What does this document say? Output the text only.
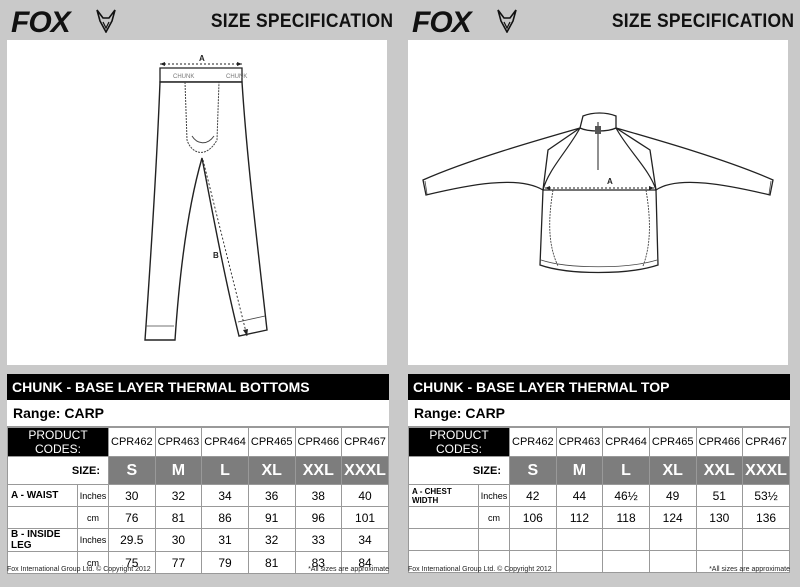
FOX	SIZE SPECIFICATION
CHUNK	CHUNK
A
B
CHUNK - BASE LAYER THERMAL BOTTOMS
Range: CARP
PRODUCT CODES:		CPR462	CPR463	CPR464	CPR465	CPR466	CPR467
SIZE:		S	M	L	XL	XXL	XXXL
A - WAIST	Inches	30	32	34	36	38	40
	cm	76	81	86	91	96	101
B - INSIDE LEG	Inches	29.5	30	31	32	33	34
	cm	75	77	79	81	83	84
Fox International Group Ltd. © Copyright 2012	*All sizes are approximate
FOX	SIZE SPECIFICATION
A
CHUNK - BASE LAYER THERMAL TOP
Range: CARP
PRODUCT CODES:		CPR462	CPR463	CPR464	CPR465	CPR466	CPR467
SIZE:		S	M	L	XL	XXL	XXXL
A - CHEST WIDTH	Inches	42	44	46½	49	51	53½
	cm	106	112	118	124	130	136

Fox International Group Ltd. © Copyright 2012	*All sizes are approximate
